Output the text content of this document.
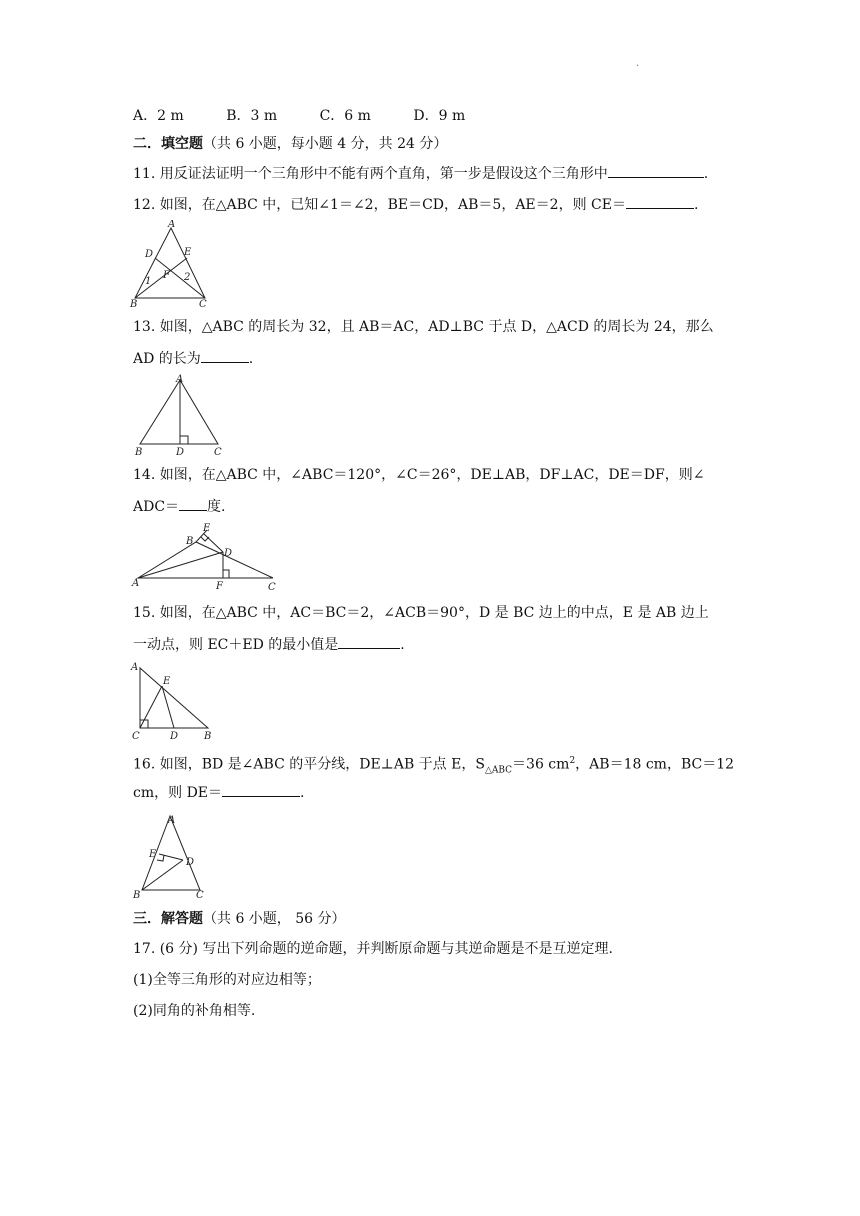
.
A．2 m	B．3 m	C．6 m	D．9 m
二．填空题（共 6 小题，每小题 4 分，共 24 分）
11. 用反证法证明一个三角形中不能有两个直角，第一步是假设这个三角形中	.
12. 如图，在△ABC 中，已知∠1＝∠2，BE＝CD，AB＝5，AE＝2，则 CE＝	.
A
B	C
D	E
F
1	2
13. 如图，△ABC 的周长为 32，且 AB＝AC，AD⊥BC 于点 D，△ACD 的周长为 24，那么
AD 的长为	.
A
B	C
D
14. 如图，在△ABC 中，∠ABC＝120°，∠C＝26°，DE⊥AB，DF⊥AC，DE＝DF，则∠
ADC＝ 度.
A
B
C
D
E
F
15. 如图，在△ABC 中，AC＝BC＝2，∠ACB＝90°，D 是 BC 边上的中点，E 是 AB 边上
一动点，则 EC＋ED 的最小值是	.
A
B
C	D
E
16. 如图，BD 是∠ABC 的平分线，DE⊥AB 于点 E，$S_{\triangle ABC}=36$ $cm^2$，AB＝18 cm，BC＝12
cm，则 DE＝	.
A
B	C
D
E
三．解答题（共 6 小题， 56 分）
17. (6 分) 写出下列命题的逆命题，并判断原命题与其逆命题是不是互逆定理.
(1)全等三角形的对应边相等；
(2)同角的补角相等.
